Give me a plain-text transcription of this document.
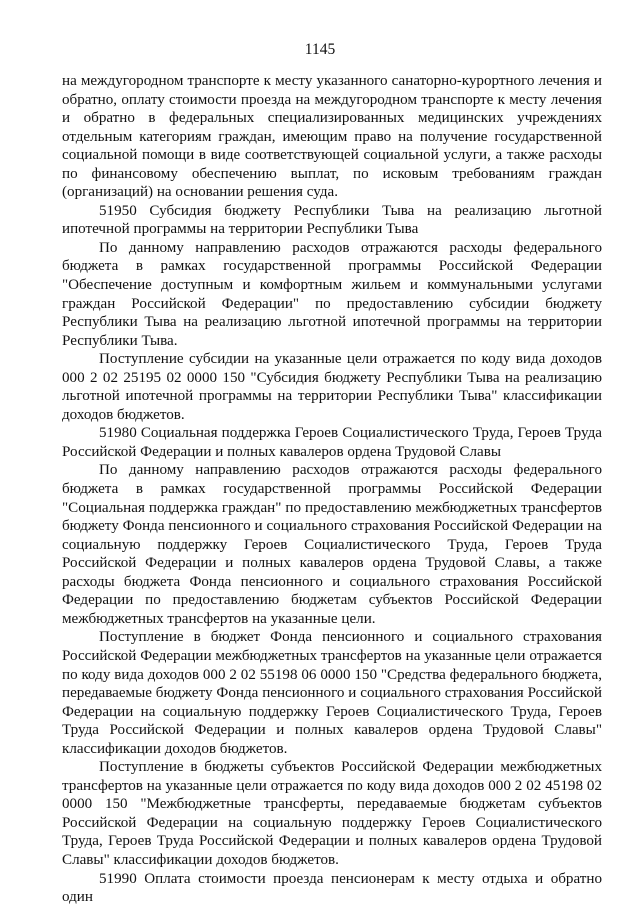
1145

на междугородном транспорте к месту указанного санаторно-курортного лечения и обратно, оплату стоимости проезда на междугородном транспорте к месту лечения и обратно в федеральных специализированных медицинских учреждениях отдельным категориям граждан, имеющим право на получение государственной социальной помощи в виде соответствующей социальной услуги, а также расходы по финансовому обеспечению выплат, по исковым требованиям граждан (организаций) на основании решения суда.

51950 Субсидия бюджету Республики Тыва на реализацию льготной ипотечной программы на территории Республики Тыва

По данному направлению расходов отражаются расходы федерального бюджета в рамках государственной программы Российской Федерации "Обеспечение доступным и комфортным жильем и коммунальными услугами граждан Российской Федерации" по предоставлению субсидии бюджету Республики Тыва на реализацию льготной ипотечной программы на территории Республики Тыва.

Поступление субсидии на указанные цели отражается по коду вида доходов 000 2 02 25195 02 0000 150 "Субсидия бюджету Республики Тыва на реализацию льготной ипотечной программы на территории Республики Тыва" классификации доходов бюджетов.

51980 Социальная поддержка Героев Социалистического Труда, Героев Труда Российской Федерации и полных кавалеров ордена Трудовой Славы

По данному направлению расходов отражаются расходы федерального бюджета в рамках государственной программы Российской Федерации "Социальная поддержка граждан" по предоставлению межбюджетных трансфертов бюджету Фонда пенсионного и социального страхования Российской Федерации на социальную поддержку Героев Социалистического Труда, Героев Труда Российской Федерации и полных кавалеров ордена Трудовой Славы, а также расходы бюджета Фонда пенсионного и социального страхования Российской Федерации по предоставлению бюджетам субъектов Российской Федерации межбюджетных трансфертов на указанные цели.

Поступление в бюджет Фонда пенсионного и социального страхования Российской Федерации межбюджетных трансфертов на указанные цели отражается по коду вида доходов 000 2 02 55198 06 0000 150 "Средства федерального бюджета, передаваемые бюджету Фонда пенсионного и социального страхования Российской Федерации на социальную поддержку Героев Социалистического Труда, Героев Труда Российской Федерации и полных кавалеров ордена Трудовой Славы" классификации доходов бюджетов.

Поступление в бюджеты субъектов Российской Федерации межбюджетных трансфертов на указанные цели отражается по коду вида доходов 000 2 02 45198 02 0000 150 "Межбюджетные трансферты, передаваемые бюджетам субъектов Российской Федерации на социальную поддержку Героев Социалистического Труда, Героев Труда Российской Федерации и полных кавалеров ордена Трудовой Славы" классификации доходов бюджетов.

51990 Оплата стоимости проезда пенсионерам к месту отдыха и обратно один
